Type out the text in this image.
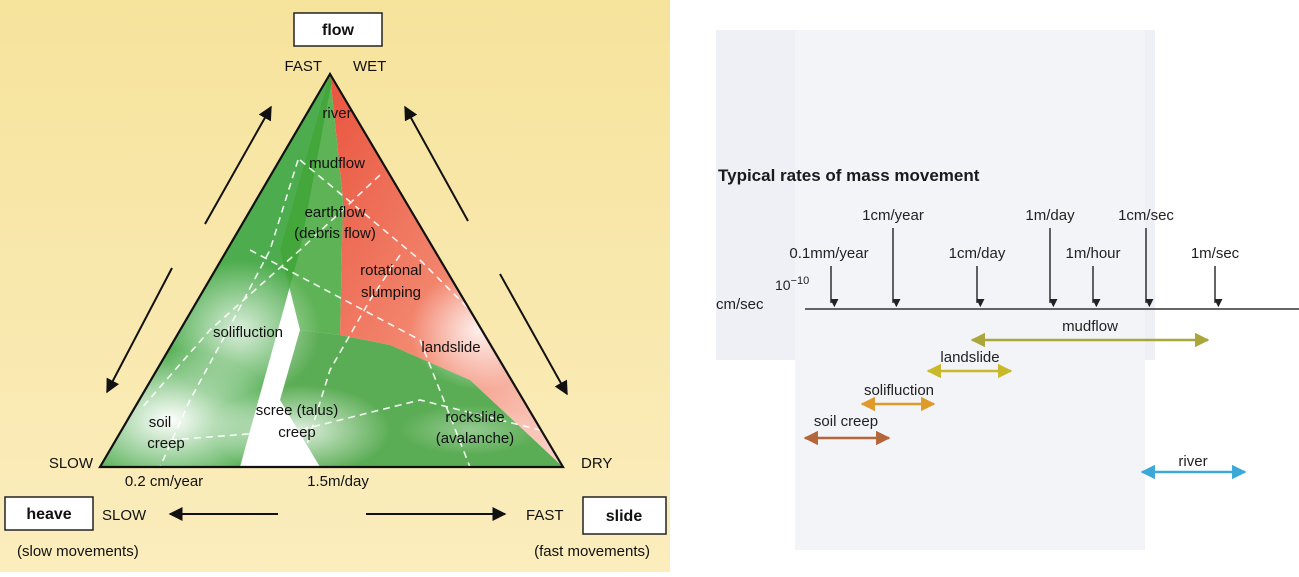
flow
FAST WET
SLOW	DRY
river
mudflow
earthflow
(debris flow)
rotational
slumping
solifluction
landslide
soil
creep
scree (talus)
creep
rockslide
(avalanche)
0.2 cm/year	1.5m/day
heave SLOW	FAST	slide
(slow movements)	(fast movements)
Typical rates of mass movement
cm/sec
$10^{-10}$
0.1mm/year
1cm/year
1cm/day
1m/day
1m/hour
1cm/sec
1m/sec
mudflow
landslide
solifluction
soil creep
river
